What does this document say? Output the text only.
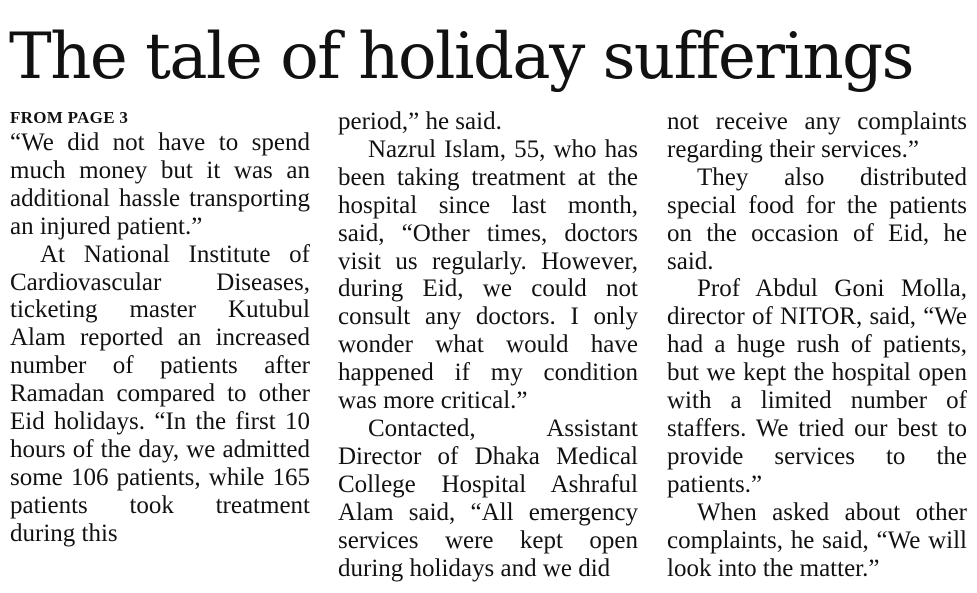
The tale of holiday sufferings

FROM PAGE 3

“We did not have to spend much money but it was an additional hassle transporting an injured patient.”

At National Institute of Cardiovascular Diseases, ticketing master Kutubul Alam reported an increased number of patients after Ramadan compared to other Eid holidays. “In the first 10 hours of the day, we admitted some 106 patients, while 165 patients took treatment during this

period,” he said.

Nazrul Islam, 55, who has been taking treatment at the hospital since last month, said, “Other times, doctors visit us regularly. However, during Eid, we could not consult any doctors. I only wonder what would have happened if my condition was more critical.”

Contacted, Assistant Director of Dhaka Medical College Hospital Ashraful Alam said, “All emergency services were kept open during holidays and we did

not receive any complaints regarding their services.”

They also distributed special food for the patients on the occasion of Eid, he said.

Prof Abdul Goni Molla, director of NITOR, said, “We had a huge rush of patients, but we kept the hospital open with a limited number of staffers. We tried our best to provide services to the patients.”

When asked about other complaints, he said, “We will look into the matter.”
